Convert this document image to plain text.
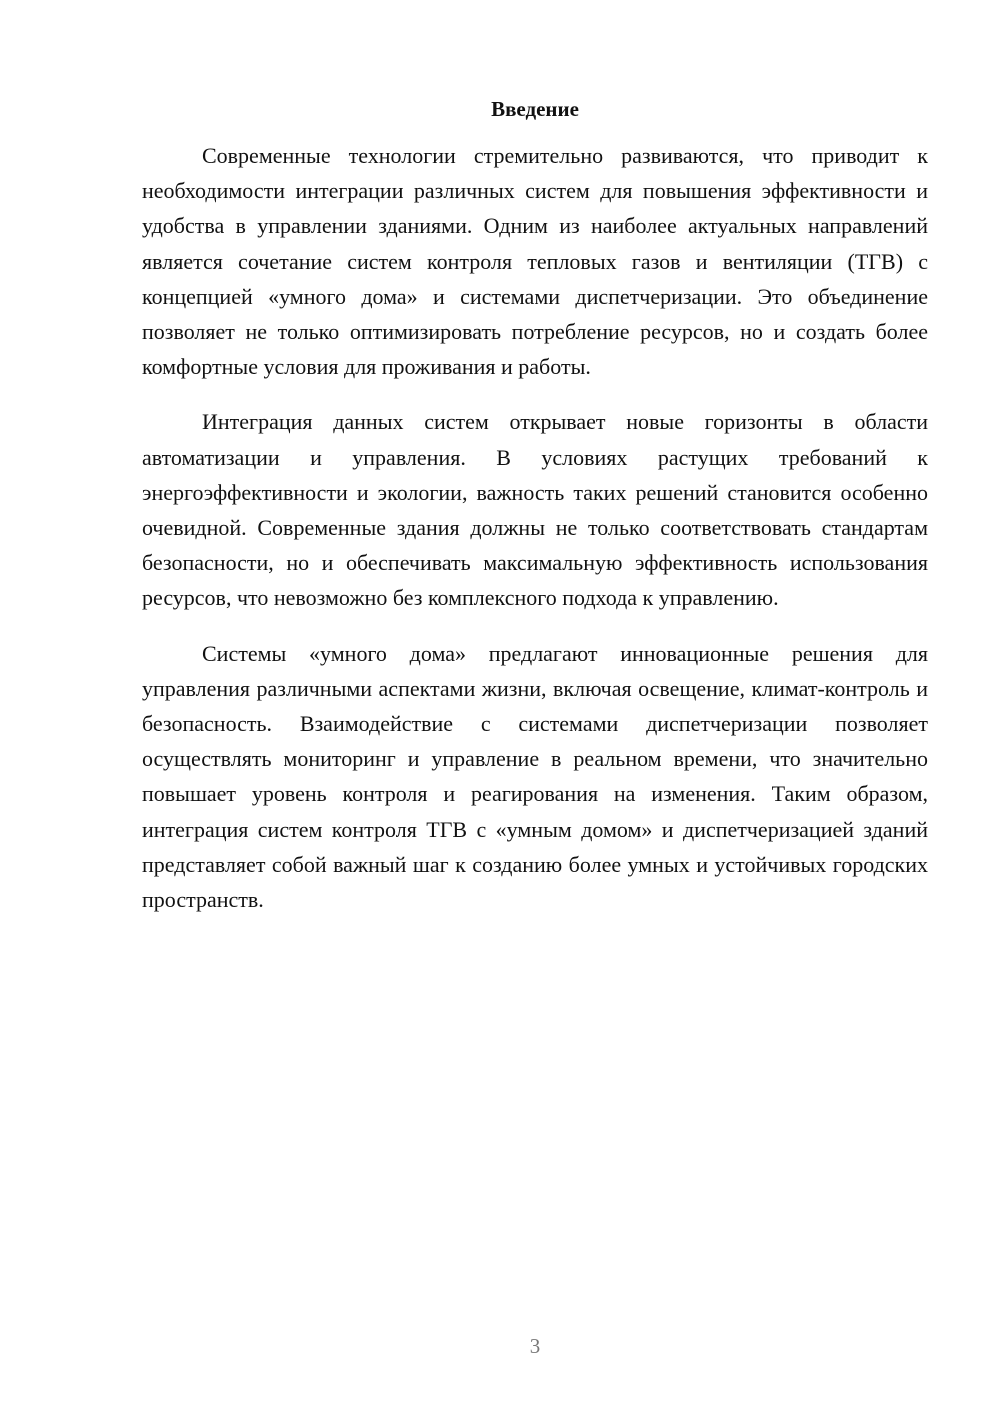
Введение

Современные технологии стремительно развиваются, что приводит к необходимости интеграции различных систем для повышения эффективности и удобства в управлении зданиями. Одним из наиболее актуальных направлений является сочетание систем контроля тепловых газов и вентиляции (ТГВ) с концепцией «умного дома» и системами диспетчеризации. Это объединение позволяет не только оптимизировать потребление ресурсов, но и создать более комфортные условия для проживания и работы.

Интеграция данных систем открывает новые горизонты в области автоматизации и управления. В условиях растущих требований к энергоэффективности и экологии, важность таких решений становится особенно очевидной. Современные здания должны не только соответствовать стандартам безопасности, но и обеспечивать максимальную эффективность использования ресурсов, что невозможно без комплексного подхода к управлению.

Системы «умного дома» предлагают инновационные решения для управления различными аспектами жизни, включая освещение, климат-контроль и безопасность. Взаимодействие с системами диспетчеризации позволяет осуществлять мониторинг и управление в реальном времени, что значительно повышает уровень контроля и реагирования на изменения. Таким образом, интеграция систем контроля ТГВ с «умным домом» и диспетчеризацией зданий представляет собой важный шаг к созданию более умных и устойчивых городских пространств.

3
